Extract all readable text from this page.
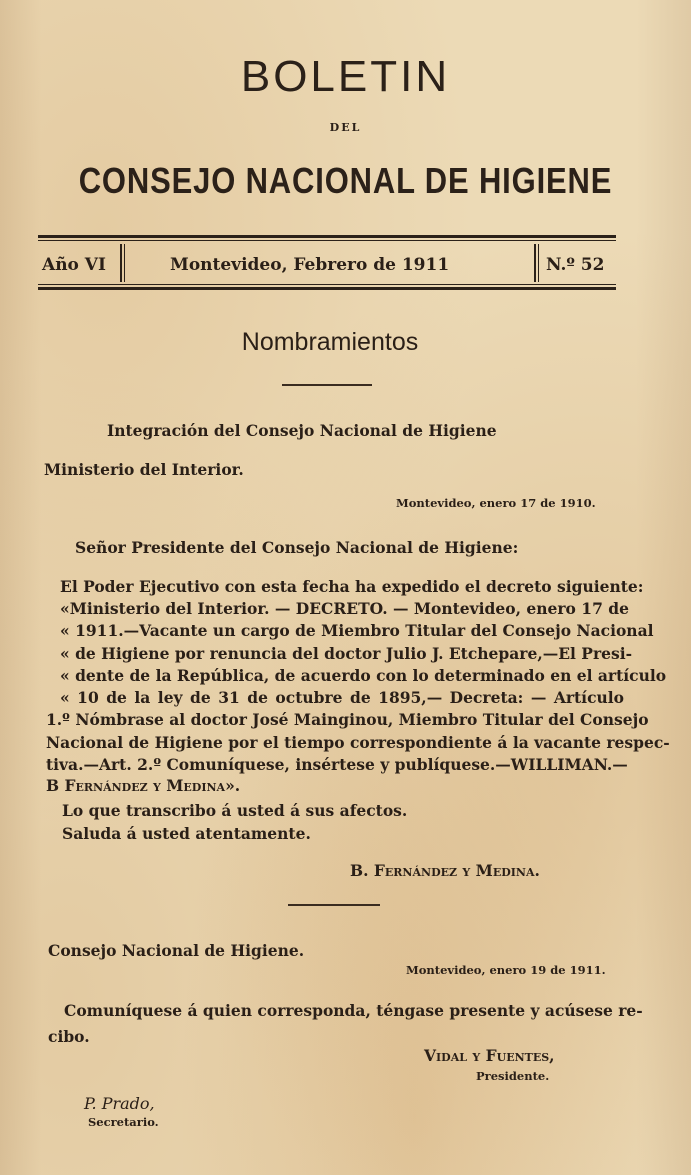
BOLETIN
DEL
CONSEJO NACIONAL DE HIGIENE
Año VI	Montevideo, Febrero de 1911	N.º 52
Nombramientos
Integración del Consejo Nacional de Higiene
Ministerio del Interior.
Montevideo, enero 17 de 1910.
Señor Presidente del Consejo Nacional de Higiene:
El Poder Ejecutivo con esta fecha ha expedido el decreto siguiente:
«Ministerio del Interior. — DECRETO. — Montevideo, enero 17 de
« 1911.—Vacante un cargo de Miembro Titular del Consejo Nacional
« de Higiene por renuncia del doctor Julio J. Etchepare,—El Presi-
« dente de la República, de acuerdo con lo determinado en el artículo
« 10 de la ley de 31 de octubre de 1895,— Decreta: — Artículo
1.º Nómbrase al doctor José Mainginou, Miembro Titular del Consejo
Nacional de Higiene por el tiempo correspondiente á la vacante respec-
tiva.—Art. 2.º Comuníquese, insértese y publíquese.—WILLIMAN.—
B Fernández y Medina».
Lo que transcribo á usted á sus afectos.
Saluda á usted atentamente.
B. Fernández y Medina.
Consejo Nacional de Higiene.
Montevideo, enero 19 de 1911.
Comuníquese á quien corresponda, téngase presente y acúsese re-
cibo.
Vidal y Fuentes,
Presidente.
P. Prado,
Secretario.
